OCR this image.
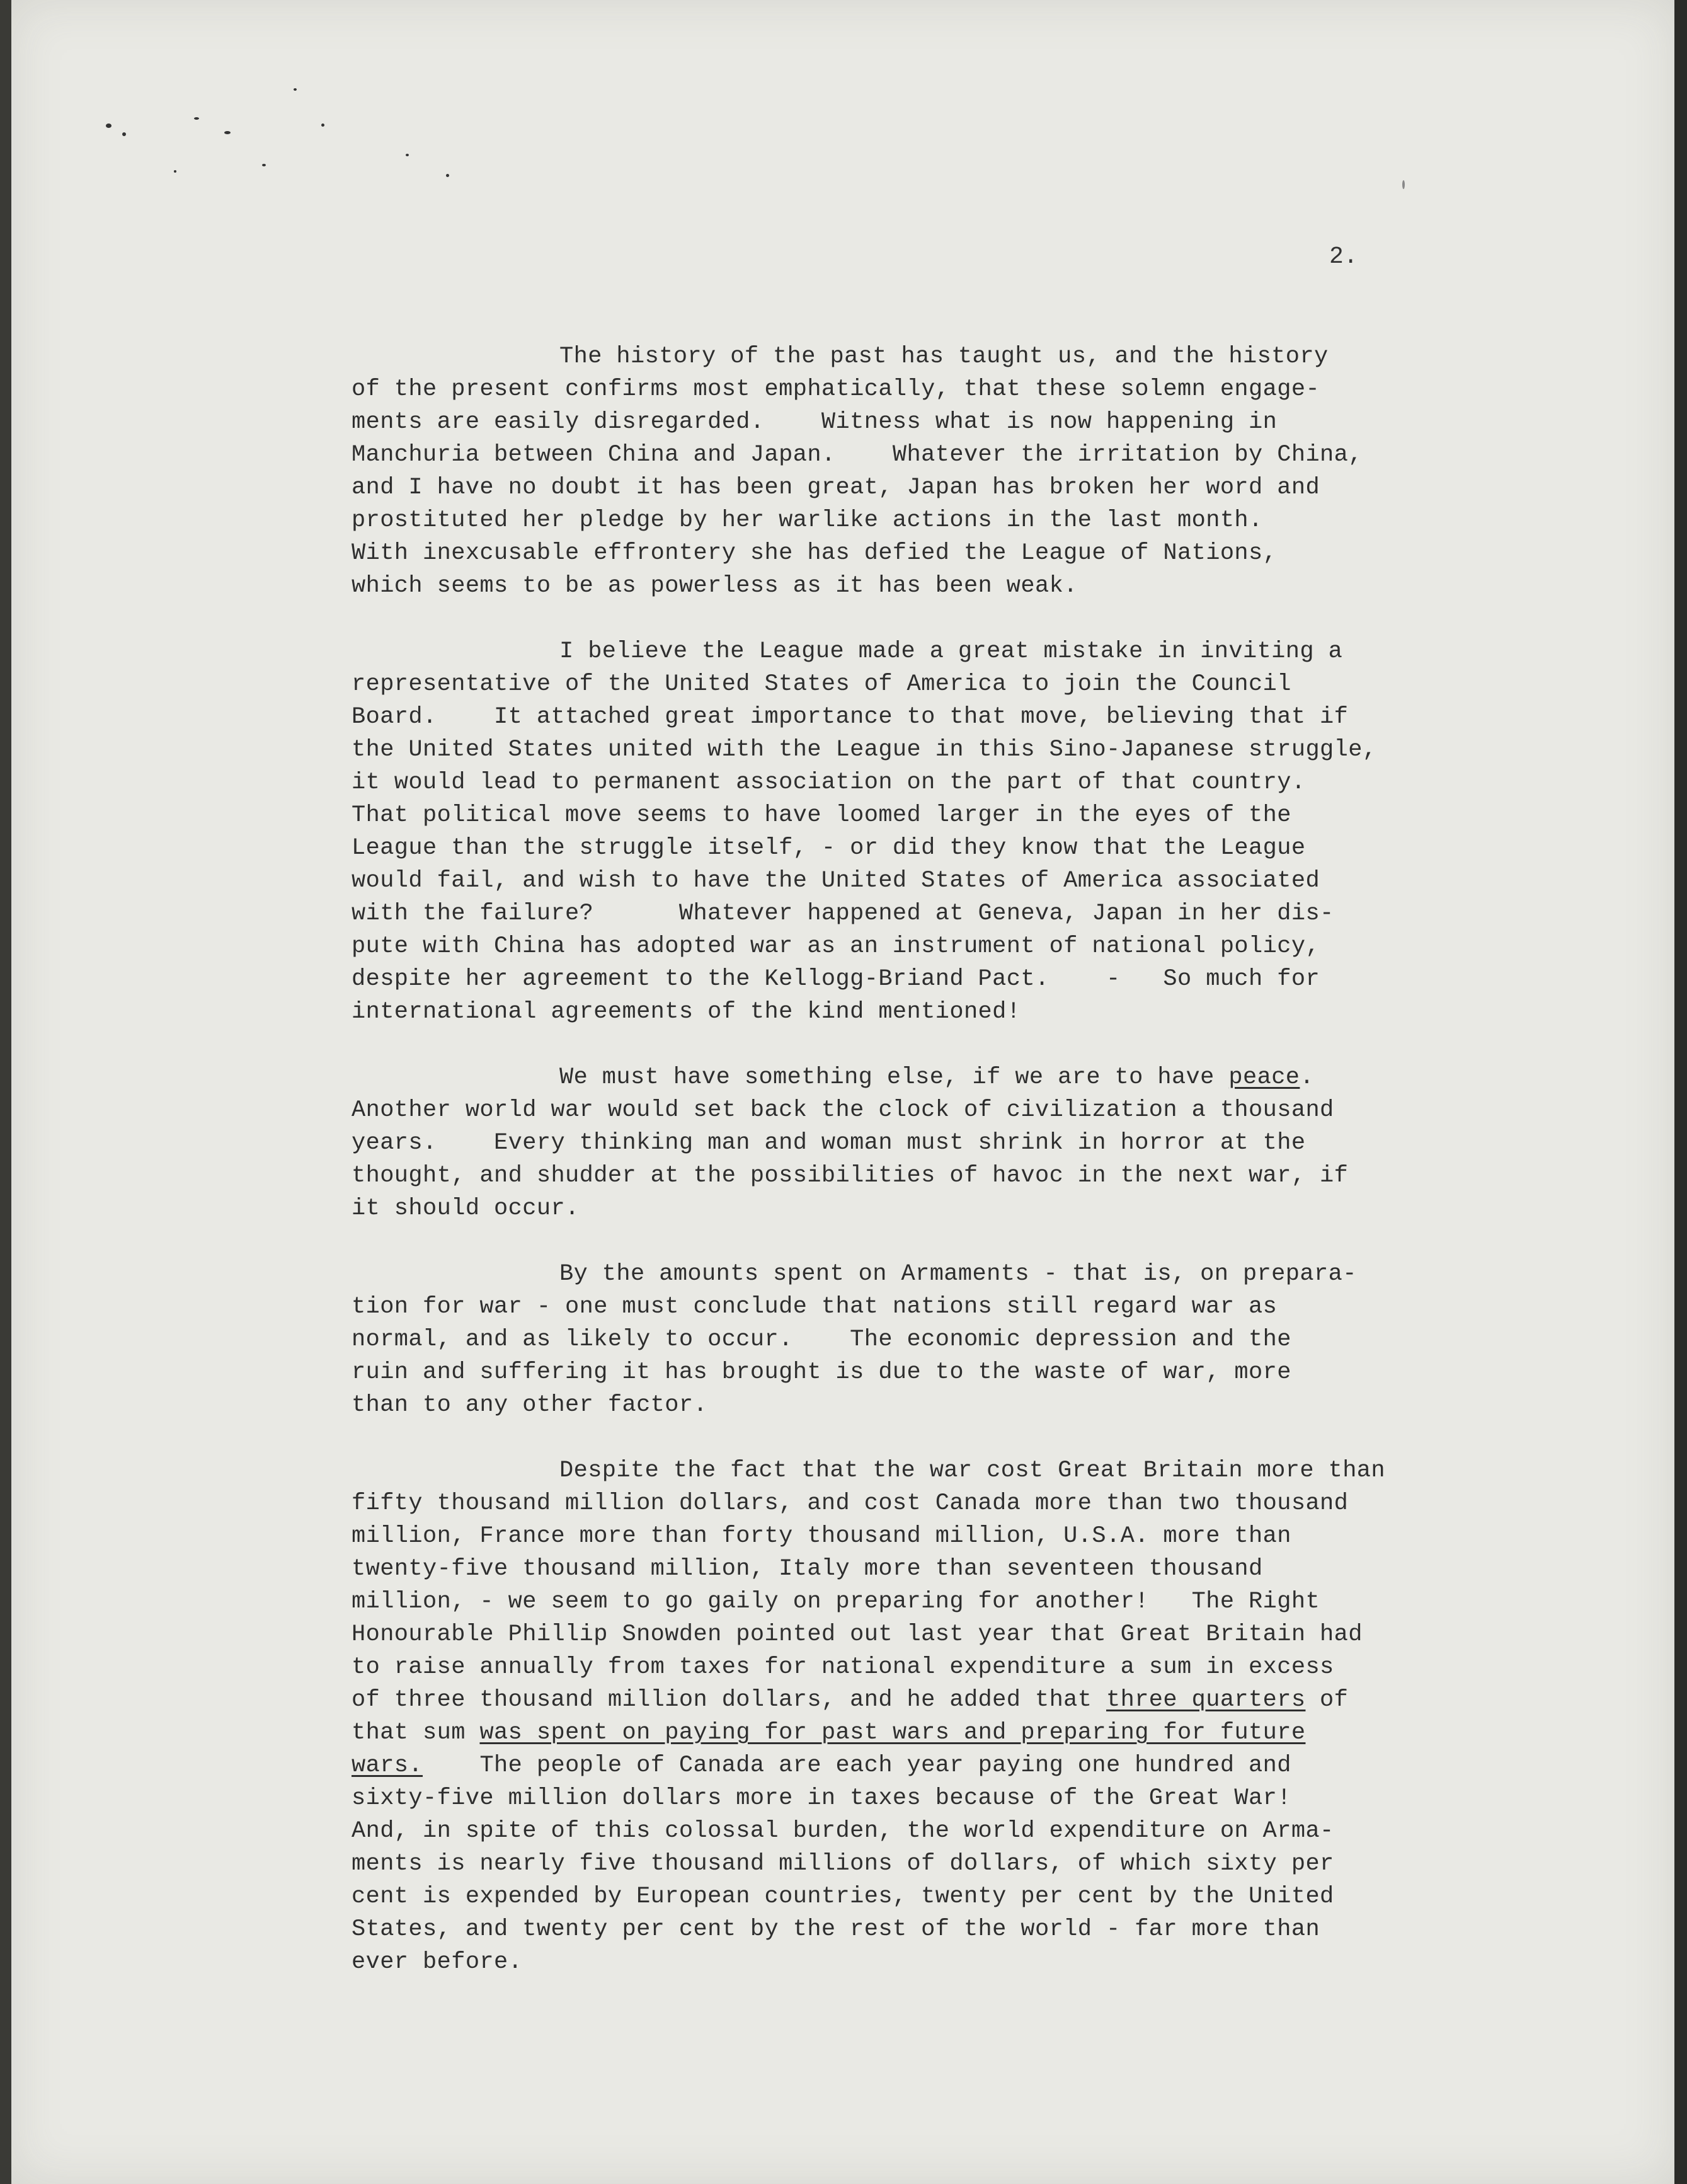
2.
The history of the past has taught us, and the history
of the present confirms most emphatically, that these solemn engage-
ments are easily disregarded.    Witness what is now happening in
Manchuria between China and Japan.    Whatever the irritation by China,
and I have no doubt it has been great, Japan has broken her word and
prostituted her pledge by her warlike actions in the last month.
With inexcusable effrontery she has defied the League of Nations,
which seems to be as powerless as it has been weak.
I believe the League made a great mistake in inviting a
representative of the United States of America to join the Council
Board.    It attached great importance to that move, believing that if
the United States united with the League in this Sino-Japanese struggle,
it would lead to permanent association on the part of that country.
That political move seems to have loomed larger in the eyes of the
League than the struggle itself, - or did they know that the League
would fail, and wish to have the United States of America associated
with the failure?      Whatever happened at Geneva, Japan in her dis-
pute with China has adopted war as an instrument of national policy,
despite her agreement to the Kellogg-Briand Pact.    -   So much for
international agreements of the kind mentioned!
We must have something else, if we are to have peace.
Another world war would set back the clock of civilization a thousand
years.    Every thinking man and woman must shrink in horror at the
thought, and shudder at the possibilities of havoc in the next war, if
it should occur.
By the amounts spent on Armaments - that is, on prepara-
tion for war - one must conclude that nations still regard war as
normal, and as likely to occur.    The economic depression and the
ruin and suffering it has brought is due to the waste of war, more
than to any other factor.
Despite the fact that the war cost Great Britain more than
fifty thousand million dollars, and cost Canada more than two thousand
million, France more than forty thousand million, U.S.A. more than
twenty-five thousand million, Italy more than seventeen thousand
million, - we seem to go gaily on preparing for another!   The Right
Honourable Phillip Snowden pointed out last year that Great Britain had
to raise annually from taxes for national expenditure a sum in excess
of three thousand million dollars, and he added that three quarters of
that sum was spent on paying for past wars and preparing for future
wars.    The people of Canada are each year paying one hundred and
sixty-five million dollars more in taxes because of the Great War!
And, in spite of this colossal burden, the world expenditure on Arma-
ments is nearly five thousand millions of dollars, of which sixty per
cent is expended by European countries, twenty per cent by the United
States, and twenty per cent by the rest of the world - far more than
ever before.
